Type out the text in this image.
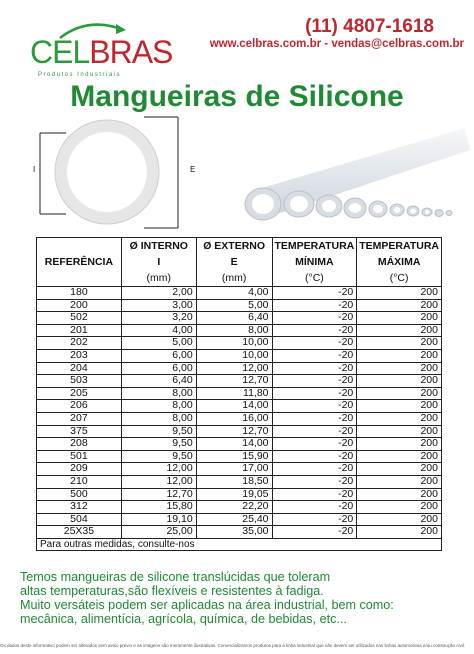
CELBRAS
Produtos Industriais
(11) 4807-1618
www.celbras.com.br - vendas@celbras.com.br
Mangueiras de Silicone
I	E
REFERÊNCIA	Ø INTERNO	Ø EXTERNO	TEMPERATURA	TEMPERATURA
	I	E	MÍNIMA	MÁXIMA
	(mm)	(mm)	(°C)	(°C)
180	2,00	4,00	-20	200
200	3,00	5,00	-20	200
502	3,20	6,40	-20	200
201	4,00	8,00	-20	200
202	5,00	10,00	-20	200
203	6,00	10,00	-20	200
204	6,00	12,00	-20	200
503	6,40	12,70	-20	200
205	8,00	11,80	-20	200
206	8,00	14,00	-20	200
207	8,00	16,00	-20	200
375	9,50	12,70	-20	200
208	9,50	14,00	-20	200
501	9,50	15,90	-20	200
209	12,00	17,00	-20	200
210	12,00	18,50	-20	200
500	12,70	19,05	-20	200
312	15,80	22,20	-20	200
504	19,10	25,40	-20	200
25X35	25,00	35,00	-20	200
Para outras medidas, consulte-nos				
Temos mangueiras de silicone translúcidas que toleram
altas temperaturas,são flexíveis e resistentes à fadiga.
Muito versáteis podem ser aplicadas na área industrial, bem como:
mecânica, alimentícia, agrícola, química, de bebidas, etc...
Os dados deste informativo podem ser alterados sem aviso prévio e as imagens são meramente ilustrativas. Comercializamos produtos para a linha industrial que não devem ser utilizados nas linhas automotivas e/ou construção civil.
